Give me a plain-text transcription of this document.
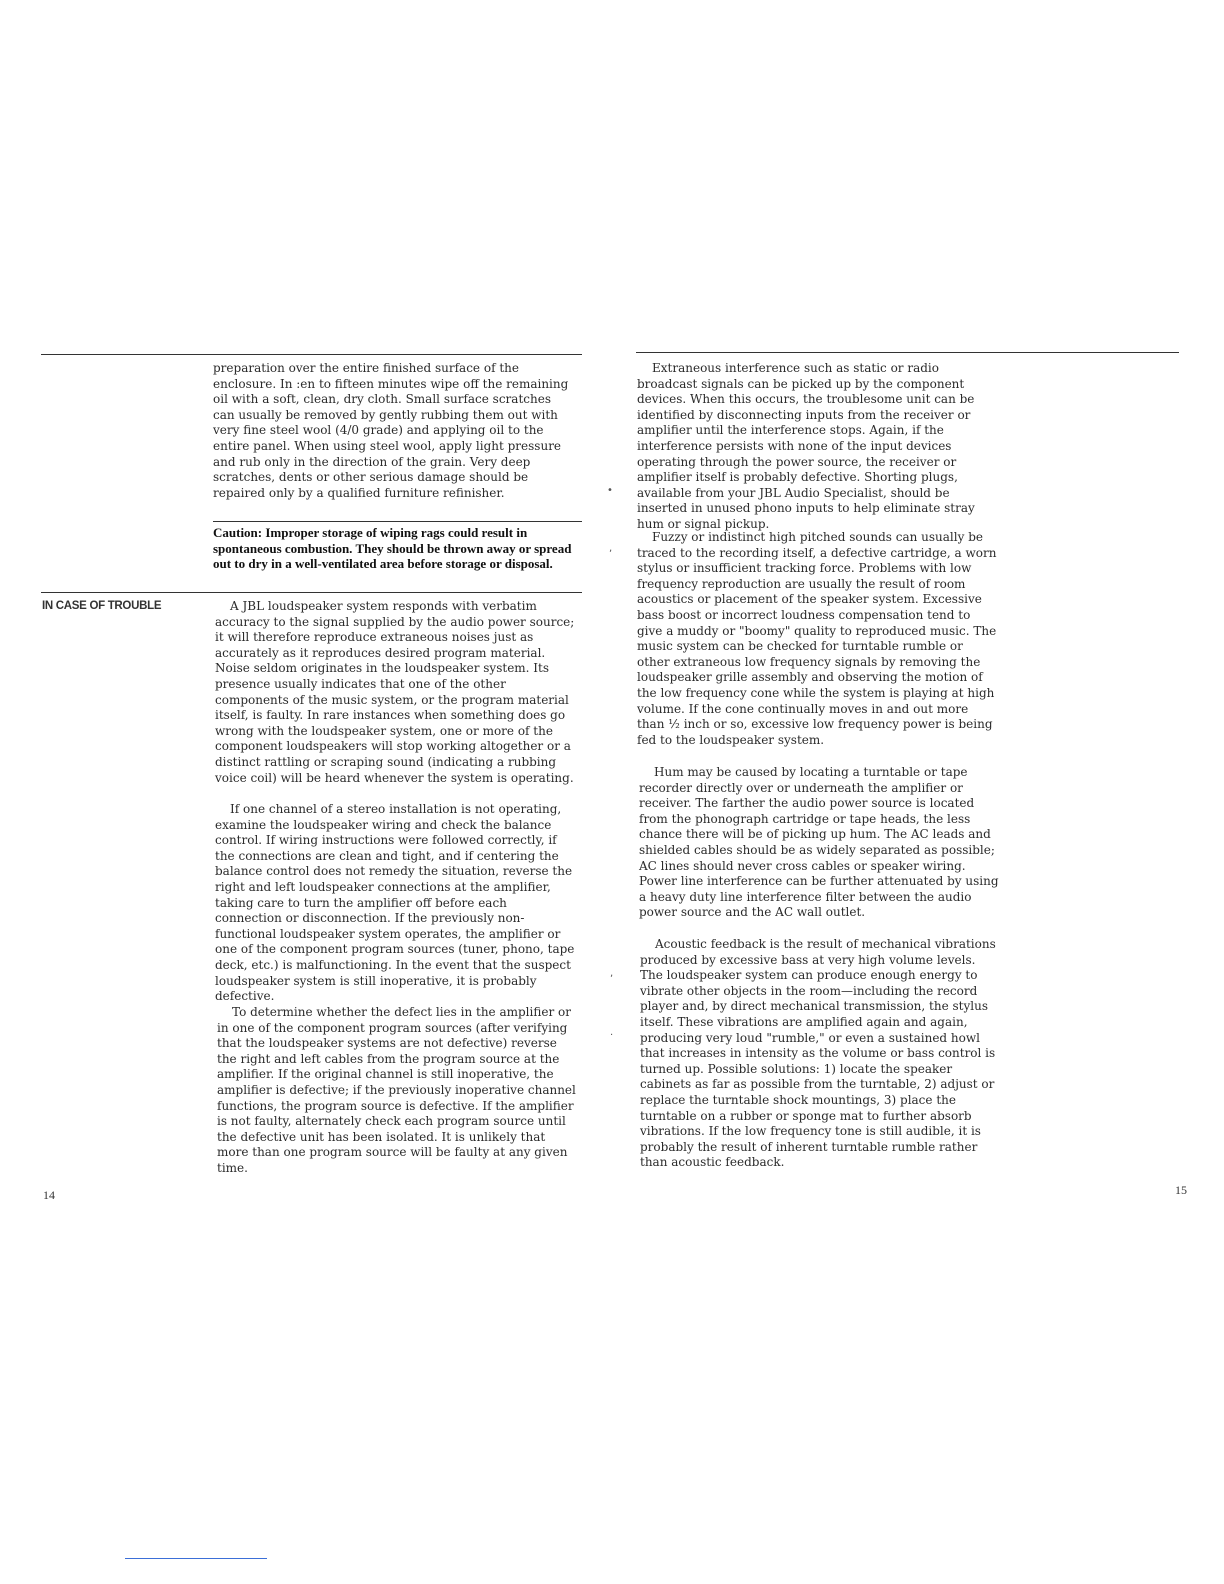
preparation over the entire finished surface of the enclosure. In :en to fifteen minutes wipe off the remaining oil with a soft, clean, dry cloth. Small surface scratches can usually be removed by gently rubbing them out with very fine steel wool (4/0 grade) and applying oil to the entire panel. When using steel wool, apply light pressure and rub only in the direction of the grain. Very deep scratches, dents or other serious damage should be repaired only by a qualified furniture refinisher.

Caution: Improper storage of wiping rags could result in spontaneous combustion. They should be thrown away or spread out to dry in a well-ventilated area before storage or disposal.

IN CASE OF TROUBLE	A JBL loudspeaker system responds with verbatim accuracy to the signal supplied by the audio power source; it will therefore reproduce extraneous noises just as accurately as it reproduces desired program material. Noise seldom originates in the loudspeaker system. Its presence usually indicates that one of the other components of the music system, or the program material itself, is faulty. In rare instances when something does go wrong with the loudspeaker system, one or more of the component loudspeakers will stop working altogether or a distinct rattling or scraping sound (indicating a rubbing voice coil) will be heard whenever the system is operating.

If one channel of a stereo installation is not operating, examine the loudspeaker wiring and check the balance control. If wiring instructions were followed correctly, if the connections are clean and tight, and if centering the balance control does not remedy the situation, reverse the right and left loudspeaker connections at the amplifier, taking care to turn the amplifier off before each connection or disconnection. If the previously non-functional loudspeaker system operates, the amplifier or one of the component program sources (tuner, phono, tape deck, etc.) is malfunctioning. In the event that the suspect loudspeaker system is still inoperative, it is probably defective.

To determine whether the defect lies in the amplifier or in one of the component program sources (after verifying that the loudspeaker systems are not defective) reverse the right and left cables from the program source at the amplifier. If the original channel is still inoperative, the amplifier is defective; if the previously inoperative channel functions, the program source is defective. If the amplifier is not faulty, alternately check each program source until the defective unit has been isolated. It is unlikely that more than one program source will be faulty at any given time.

14
•
,
,
.

Extraneous interference such as static or radio broadcast signals can be picked up by the component devices. When this occurs, the troublesome unit can be identified by disconnecting inputs from the receiver or amplifier until the interference stops. Again, if the interference persists with none of the input devices operating through the power source, the receiver or amplifier itself is probably defective. Shorting plugs, available from your JBL Audio Specialist, should be inserted in unused phono inputs to help eliminate stray hum or signal pickup.

Fuzzy or indistinct high pitched sounds can usually be traced to the recording itself, a defective cartridge, a worn stylus or insufficient tracking force. Problems with low frequency reproduction are usually the result of room acoustics or placement of the speaker system. Excessive bass boost or incorrect loudness compensation tend to give a muddy or "boomy" quality to reproduced music. The music system can be checked for turntable rumble or other extraneous low frequency signals by removing the loudspeaker grille assembly and observing the motion of the low frequency cone while the system is playing at high volume. If the cone continually moves in and out more than ½ inch or so, excessive low frequency power is being fed to the loudspeaker system.

Hum may be caused by locating a turntable or tape recorder directly over or underneath the amplifier or receiver. The farther the audio power source is located from the phonograph cartridge or tape heads, the less chance there will be of picking up hum. The AC leads and shielded cables should be as widely separated as possible; AC lines should never cross cables or speaker wiring. Power line interference can be further attenuated by using a heavy duty line interference filter between the audio power source and the AC wall outlet.

Acoustic feedback is the result of mechanical vibrations produced by excessive bass at very high volume levels. The loudspeaker system can produce enough energy to vibrate other objects in the room—including the record player and, by direct mechanical transmission, the stylus itself. These vibrations are amplified again and again, producing very loud "rumble," or even a sustained howl that increases in intensity as the volume or bass control is turned up. Possible solutions: 1) locate the speaker cabinets as far as possible from the turntable, 2) adjust or replace the turntable shock mountings, 3) place the turntable on a rubber or sponge mat to further absorb vibrations. If the low frequency tone is still audible, it is probably the result of inherent turntable rumble rather than acoustic feedback.

15
